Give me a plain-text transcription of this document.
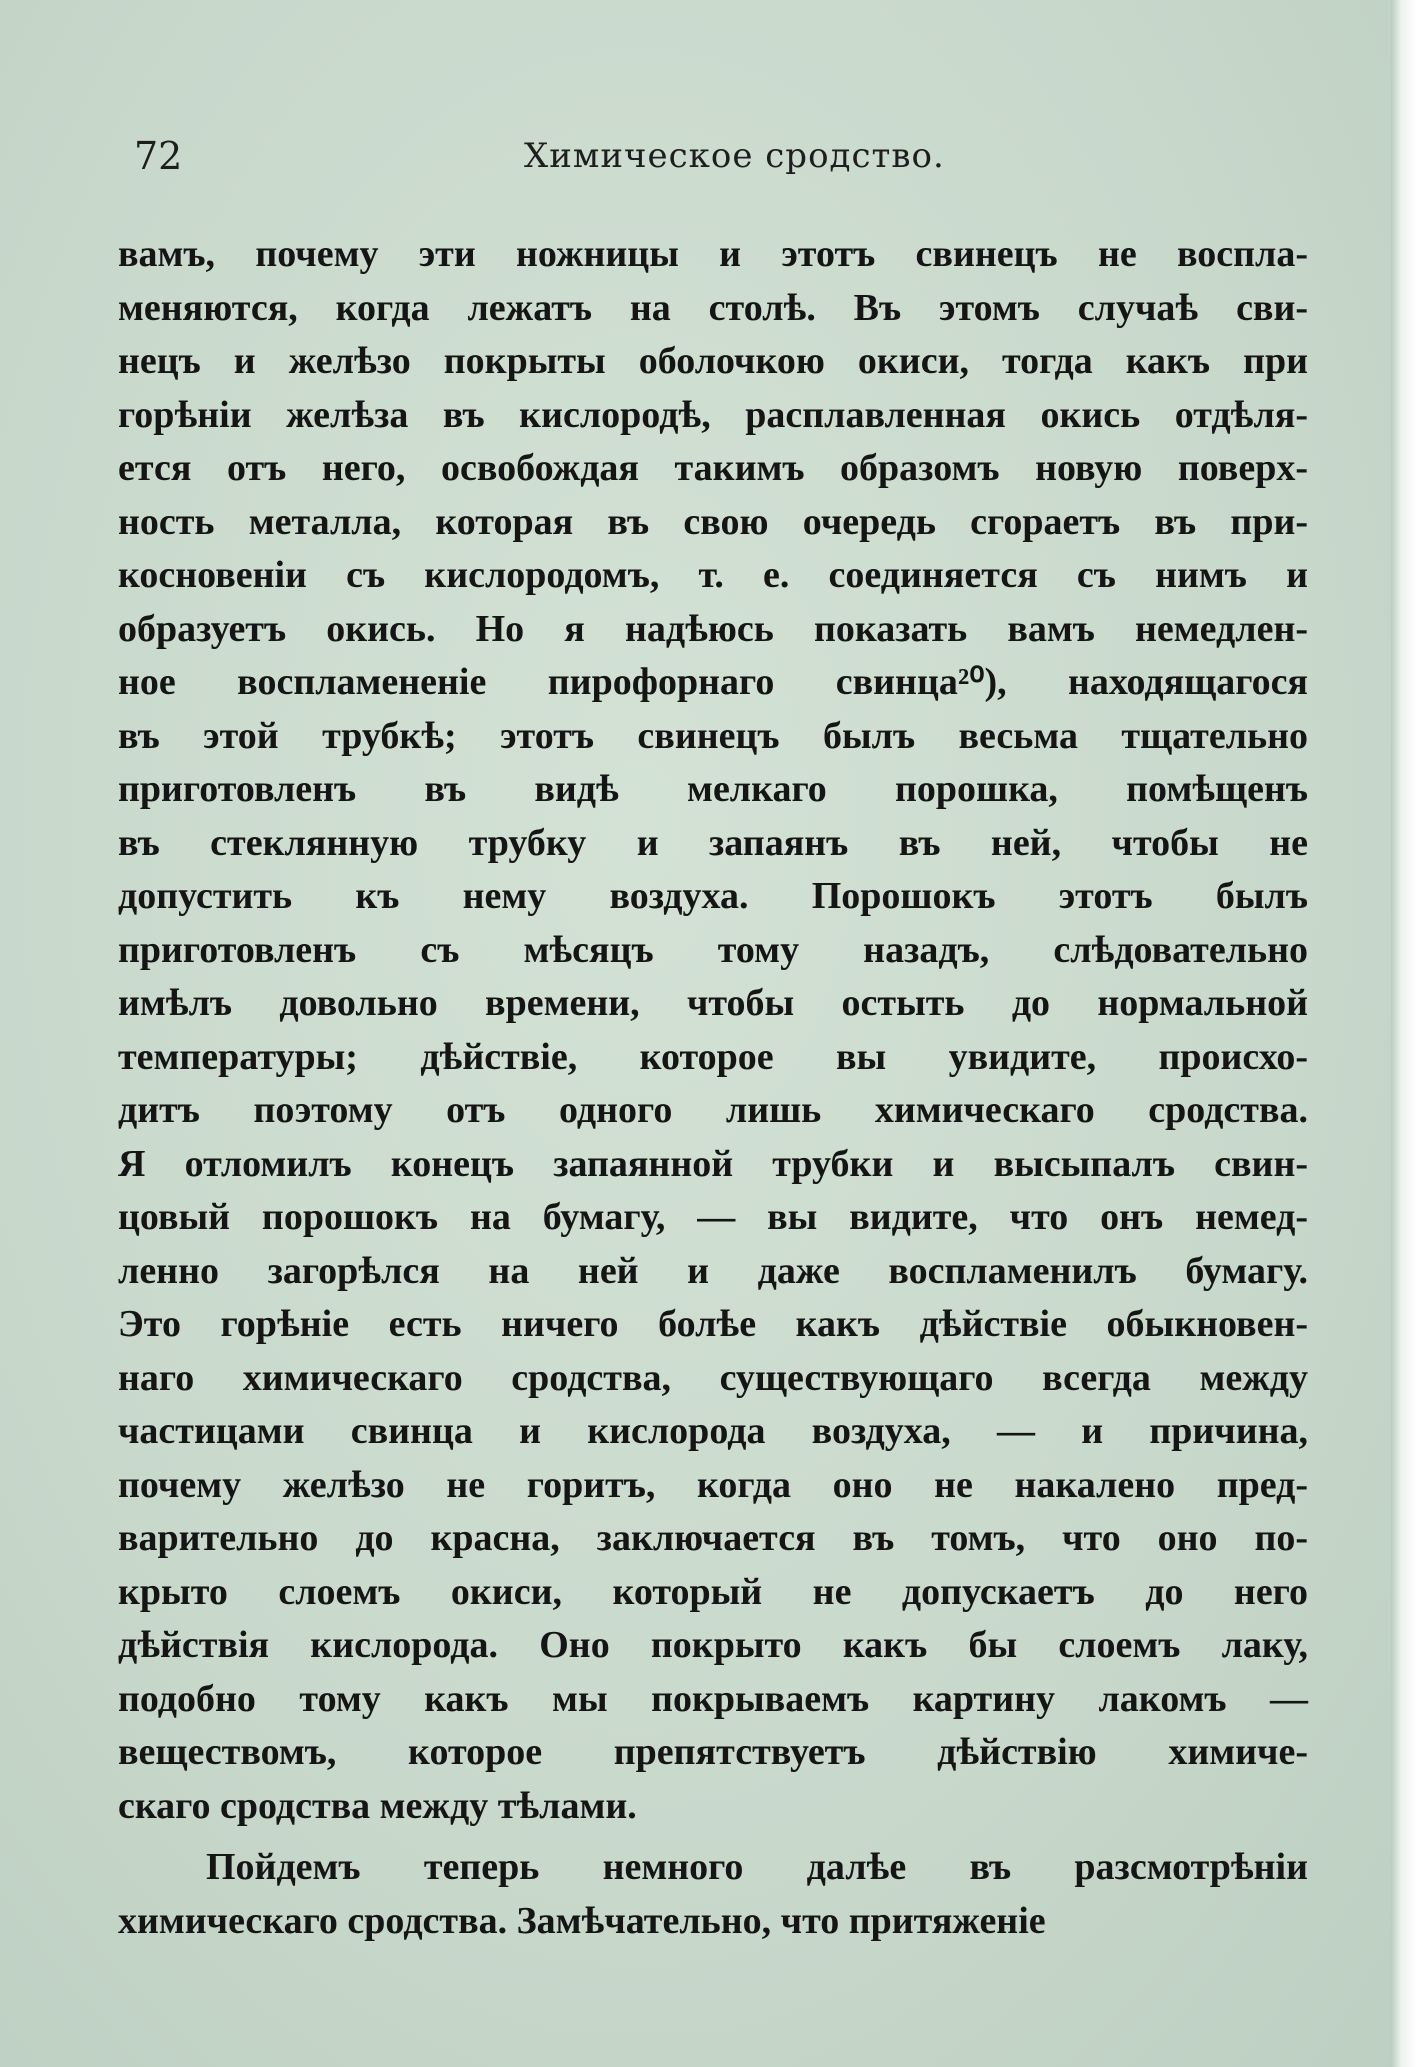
72	Химическое сродство.
вамъ, почему эти ножницы и этотъ свинецъ не воспла-
меняются, когда лежатъ на столѣ. Въ этомъ случаѣ сви-
нецъ и желѣзо покрыты оболочкою окиси, тогда какъ при
горѣніи желѣза въ кислородѣ, расплавленная окись отдѣля-
ется отъ него, освобождая такимъ образомъ новую поверх-
ность металла, которая въ свою очередь сгораетъ въ при-
косновеніи съ кислородомъ, т. е. соединяется съ нимъ и
образуетъ окись. Но я надѣюсь показать вамъ немедлен-
ное воспламененіе пирофорнаго свинца²⁰), находящагося
въ этой трубкѣ; этотъ свинецъ былъ весьма тщательно
приготовленъ въ видѣ мелкаго порошка, помѣщенъ
въ стеклянную трубку и запаянъ въ ней, чтобы не
допустить къ нему воздуха. Порошокъ этотъ былъ
приготовленъ съ мѣсяцъ тому назадъ, слѣдовательно
имѣлъ довольно времени, чтобы остыть до нормальной
температуры; дѣйствіе, которое вы увидите, происхо-
дитъ поэтому отъ одного лишь химическаго сродства.
Я отломилъ конецъ запаянной трубки и высыпалъ свин-
цовый порошокъ на бумагу, — вы видите, что онъ немед-
ленно загорѣлся на ней и даже воспламенилъ бумагу.
Это горѣніе есть ничего болѣе какъ дѣйствіе обыкновен-
наго химическаго сродства, существующаго всегда между
частицами свинца и кислорода воздуха, — и причина,
почему желѣзо не горитъ, когда оно не накалено пред-
варительно до красна, заключается въ томъ, что оно по-
крыто слоемъ окиси, который не допускаетъ до него
дѣйствія кислорода. Оно покрыто какъ бы слоемъ лаку,
подобно тому какъ мы покрываемъ картину лакомъ —
веществомъ, которое препятствуетъ дѣйствію химиче-
скаго сродства между тѣлами.
Пойдемъ теперь немного далѣе въ разсмотрѣніи
химическаго сродства. Замѣчательно, что притяженіе
